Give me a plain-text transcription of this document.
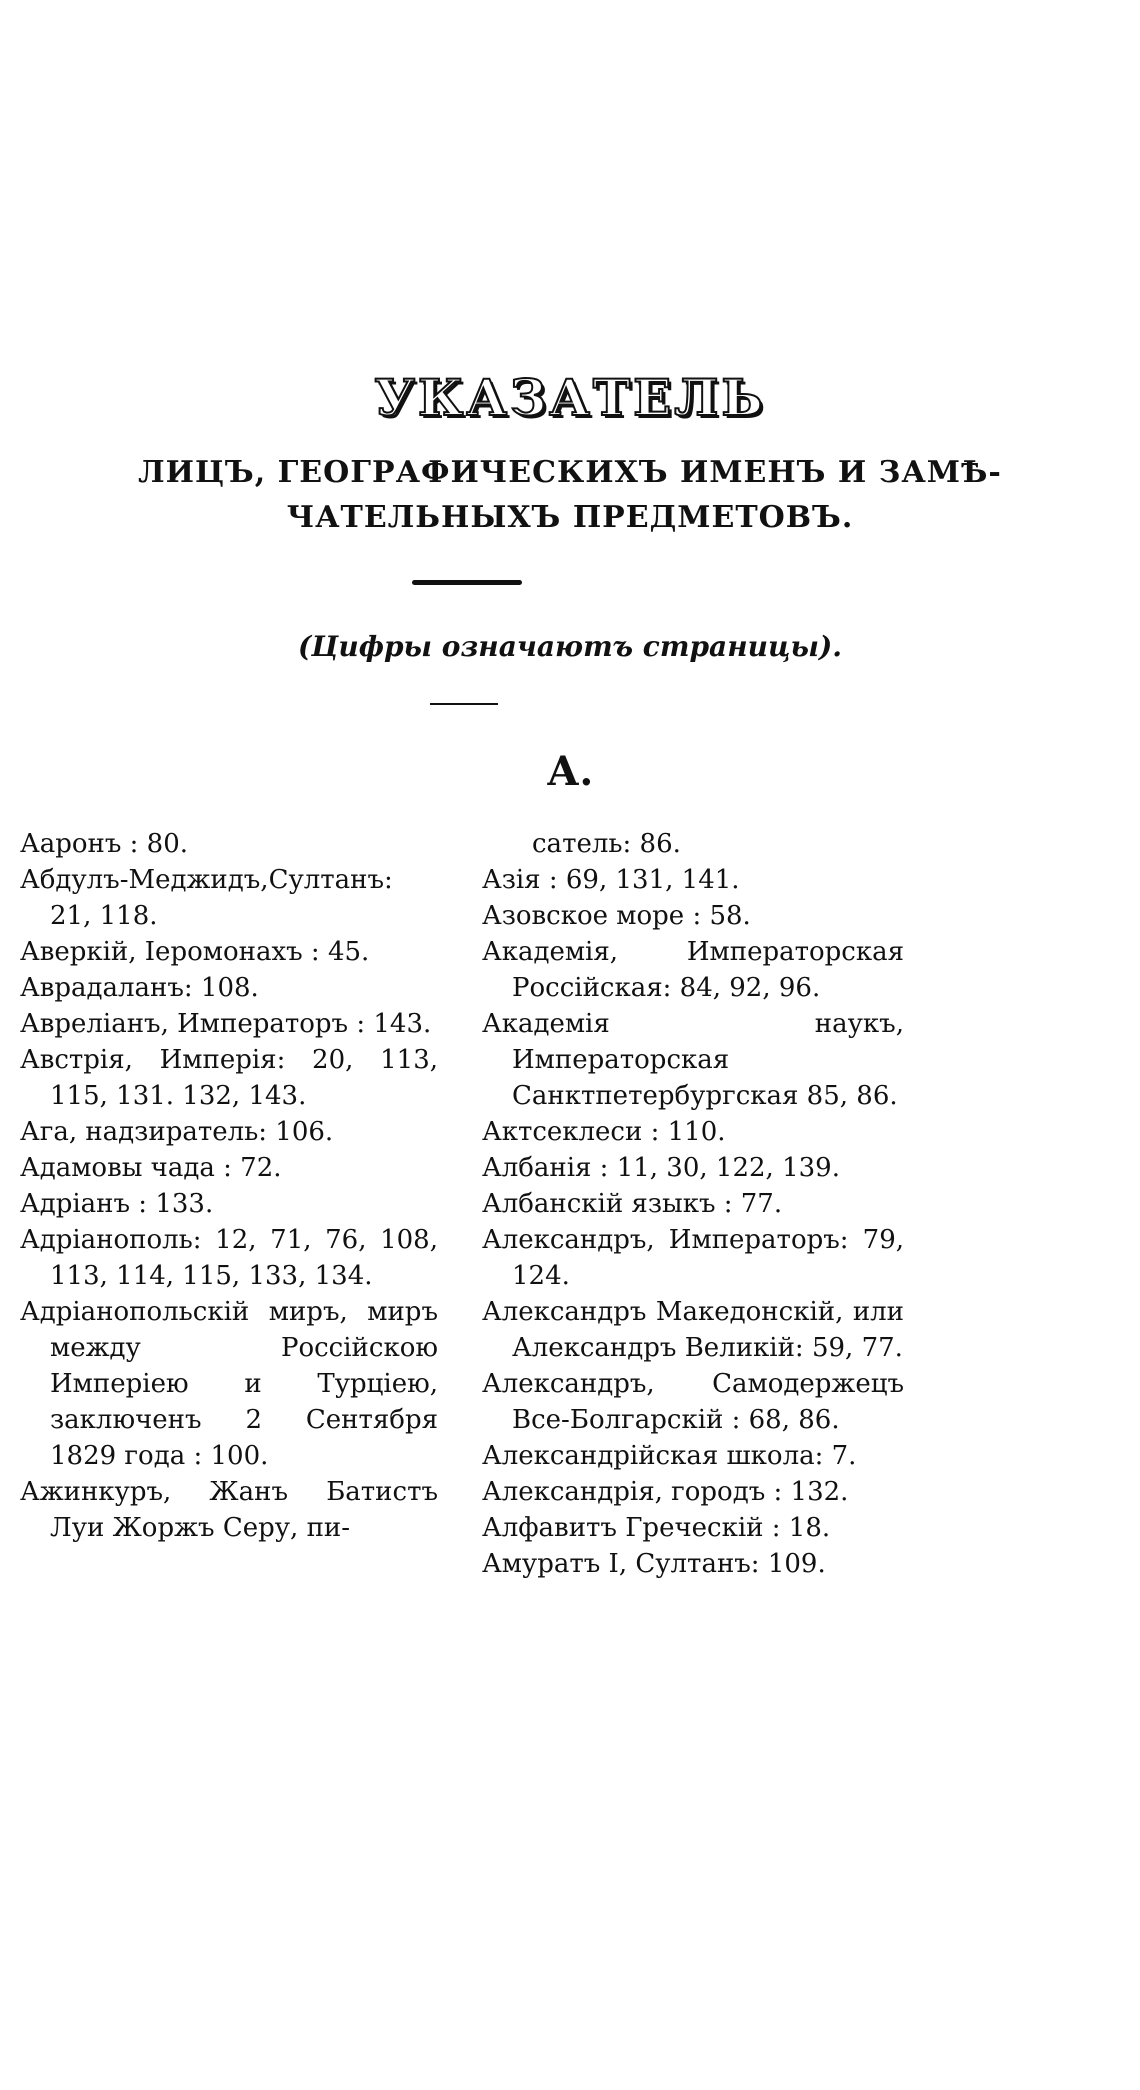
УКАЗАТЕЛЬ
ЛИЦЪ, ГЕОГРАФИЧЕСКИХЪ ИМЕНЪ И ЗАМѢ-
ЧАТЕЛЬНЫХЪ ПРЕДМЕТОВЪ.
(Цифры означаютъ страницы).
А.

Ааронъ : 80.

Абдулъ-Меджидъ,Султанъ: 21, 118.

Аверкій, Іеромонахъ : 45.

Аврадаланъ: 108.

Авреліанъ, Императоръ : 143.

Австрія, Имперія: 20, 113, 115, 131. 132, 143.

Ага, надзиратель: 106.

Адамовы чада : 72.

Адріанъ : 133.

Адріанополь: 12, 71, 76, 108, 113, 114, 115, 133, 134.

Адріанопольскій миръ, миръ между Россійскою Имперіею и Турціею, заключенъ 2 Сентября 1829 года : 100.

Ажинкуръ, Жанъ Батистъ Луи Жоржъ Серу, пи-

сатель: 86.

Азія : 69, 131, 141.

Азовское море : 58.

Академія, Императорская Россійская: 84, 92, 96.

Академія наукъ, Императорская Санктпетербургская 85, 86.

Актсеклеси : 110.

Албанія : 11, 30, 122, 139.

Албанскій языкъ : 77.

Александръ, Императоръ: 79, 124.

Александръ Македонскій, или Александръ Великій: 59, 77.

Александръ, Самодержецъ Все-Болгарскій : 68, 86.

Александрійская школа: 7.

Александрія, городъ : 132.

Алфавитъ Греческій : 18.

Амуратъ I, Султанъ: 109.
